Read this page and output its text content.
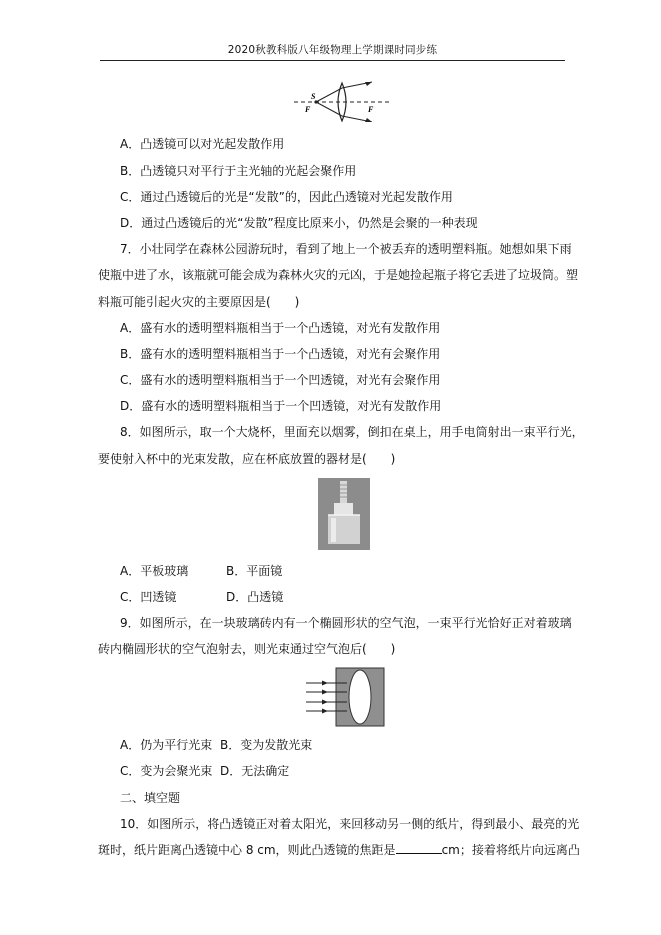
2020秋教科版八年级物理上学期课时同步练
S
F	F
A．凸透镜可以对光起发散作用
B．凸透镜只对平行于主光轴的光起会聚作用
C．通过凸透镜后的光是“发散”的，因此凸透镜对光起发散作用
D．通过凸透镜后的光“发散”程度比原来小，仍然是会聚的一种表现
7．小壮同学在森林公园游玩时，看到了地上一个被丢弃的透明塑料瓶。她想如果下雨
使瓶中进了水，该瓶就可能会成为森林火灾的元凶，于是她捡起瓶子将它丢进了垃圾筒。塑
料瓶可能引起火灾的主要原因是(　　)
A．盛有水的透明塑料瓶相当于一个凸透镜，对光有发散作用
B．盛有水的透明塑料瓶相当于一个凸透镜，对光有会聚作用
C．盛有水的透明塑料瓶相当于一个凹透镜，对光有会聚作用
D．盛有水的透明塑料瓶相当于一个凹透镜，对光有发散作用
8．如图所示，取一个大烧杯，里面充以烟雾，倒扣在桌上，用手电筒射出一束平行光，
要使射入杯中的光束发散，应在杯底放置的器材是(　　)
A．平板玻璃	B．平面镜
C．凹透镜	D．凸透镜
9．如图所示，在一块玻璃砖内有一个椭圆形状的空气泡，一束平行光恰好正对着玻璃
砖内椭圆形状的空气泡射去，则光束通过空气泡后(　　)
A．仍为平行光束 B．变为发散光束
C．变为会聚光束 D．无法确定
二、填空题
10．如图所示，将凸透镜正对着太阳光，来回移动另一侧的纸片，得到最小、最亮的光
斑时，纸片距离凸透镜中心 8 cm，则此凸透镜的焦距是	cm；接着将纸片向远离凸
